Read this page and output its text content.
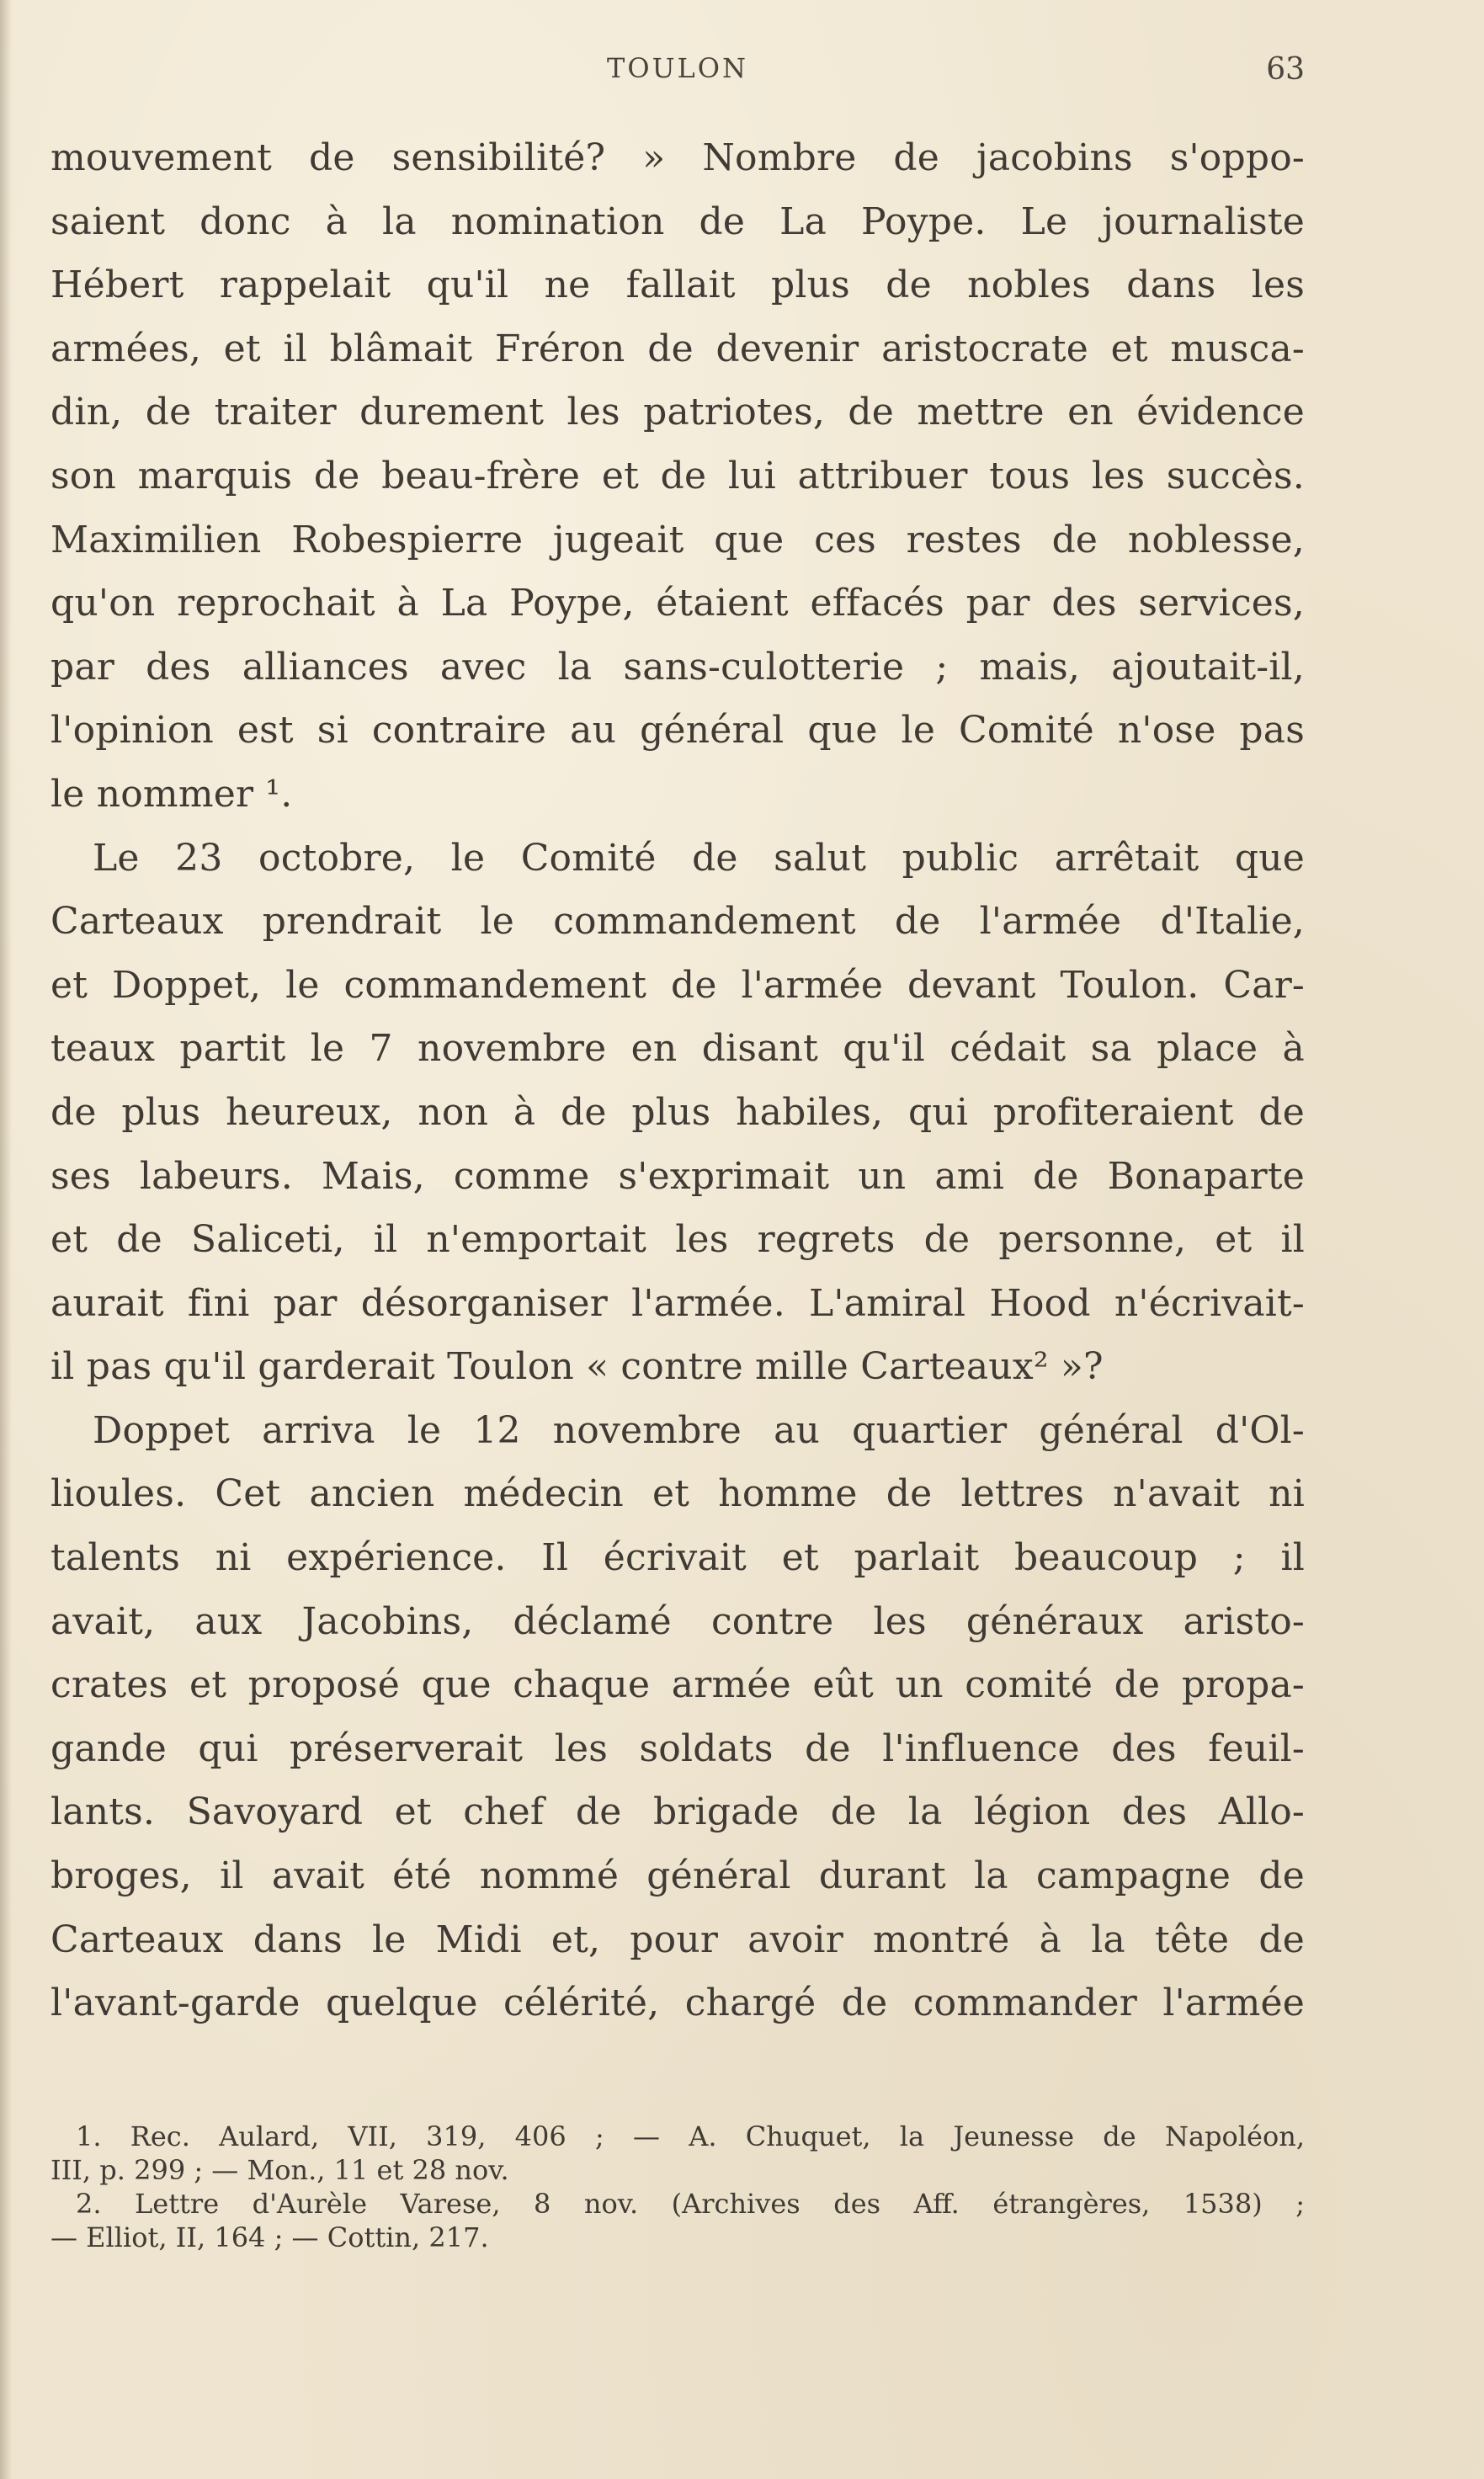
TOULON	63
mouvement de sensibilité? » Nombre de jacobins s'oppo-
saient donc à la nomination de La Poype. Le journaliste
Hébert rappelait qu'il ne fallait plus de nobles dans les
armées, et il blâmait Fréron de devenir aristocrate et musca-
din, de traiter durement les patriotes, de mettre en évidence
son marquis de beau-frère et de lui attribuer tous les succès.
Maximilien Robespierre jugeait que ces restes de noblesse,
qu'on reprochait à La Poype, étaient effacés par des services,
par des alliances avec la sans-culotterie ; mais, ajoutait-il,
l'opinion est si contraire au général que le Comité n'ose pas
le nommer ¹.
Le 23 octobre, le Comité de salut public arrêtait que
Carteaux prendrait le commandement de l'armée d'Italie,
et Doppet, le commandement de l'armée devant Toulon. Car-
teaux partit le 7 novembre en disant qu'il cédait sa place à
de plus heureux, non à de plus habiles, qui profiteraient de
ses labeurs. Mais, comme s'exprimait un ami de Bonaparte
et de Saliceti, il n'emportait les regrets de personne, et il
aurait fini par désorganiser l'armée. L'amiral Hood n'écrivait-
il pas qu'il garderait Toulon « contre mille Carteaux² »?
Doppet arriva le 12 novembre au quartier général d'Ol-
lioules. Cet ancien médecin et homme de lettres n'avait ni
talents ni expérience. Il écrivait et parlait beaucoup ; il
avait, aux Jacobins, déclamé contre les généraux aristo-
crates et proposé que chaque armée eût un comité de propa-
gande qui préserverait les soldats de l'influence des feuil-
lants. Savoyard et chef de brigade de la légion des Allo-
broges, il avait été nommé général durant la campagne de
Carteaux dans le Midi et, pour avoir montré à la tête de
l'avant-garde quelque célérité, chargé de commander l'armée
1. Rec. Aulard, VII, 319, 406 ; — A. Chuquet, la Jeunesse de Napoléon,
III, p. 299 ; — Mon., 11 et 28 nov.
2. Lettre d'Aurèle Varese, 8 nov. (Archives des Aff. étrangères, 1538) ;
— Elliot, II, 164 ; — Cottin, 217.
